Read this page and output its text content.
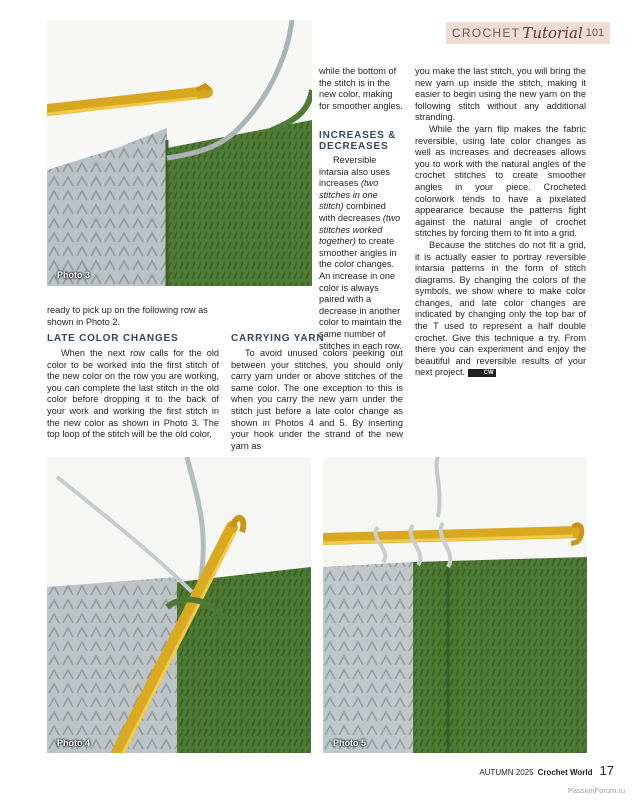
CROCHET Tutorial 101
Photo 3
while the bottom of the stitch is in the new color, making for smoother angles.
INCREASES & DECREASES
Reversible intarsia also uses increases (two stitches in one stitch) combined with decreases (two stitches worked together) to create smoother angles in the color changes. An increase in one color is always paired with a decrease in another color to maintain the same number of stitches in each row.
ready to pick up on the following row as shown in Photo 2.
LATE COLOR CHANGES
When the next row calls for the old color to be worked into the first stitch of the new color on the row you are working, you can complete the last stitch in the old color before dropping it to the back of your work and working the first stitch in the new color as shown in Photo 3. The top loop of the stitch will be the old color,
CARRYING YARN
To avoid unused colors peeking out between your stitches, you should only carry yarn under or above stitches of the same color. The one exception to this is when you carry the new yarn under the stitch just before a late color change as shown in Photos 4 and 5. By inserting your hook under the strand of the new yarn as

you make the last stitch, you will bring the new yarn up inside the stitch, making it easier to begin using the new yarn on the following stitch without any additional stranding.

While the yarn flip makes the fabric reversible, using late color changes as well as increases and decreases allows you to work with the natural angles of the crochet stitches to create smoother angles in your piece. Crocheted colorwork tends to have a pixelated appearance because the patterns fight against the natural angle of crochet stitches by forcing them to fit into a grid.

Because the stitches do not fit a grid, it is actually easier to portray reversible intarsia patterns in the form of stitch diagrams. By changing the colors of the symbols, we show where to make color changes, and late color changes are indicated by changing only the top bar of the T used to represent a half double crochet. Give this technique a try. From there you can experiment and enjoy the beautiful and reversible results of your next project.	CW

Photo 4	Photo 5
AUTUMN 2025 Crochet World 17
PassionForum.ru
